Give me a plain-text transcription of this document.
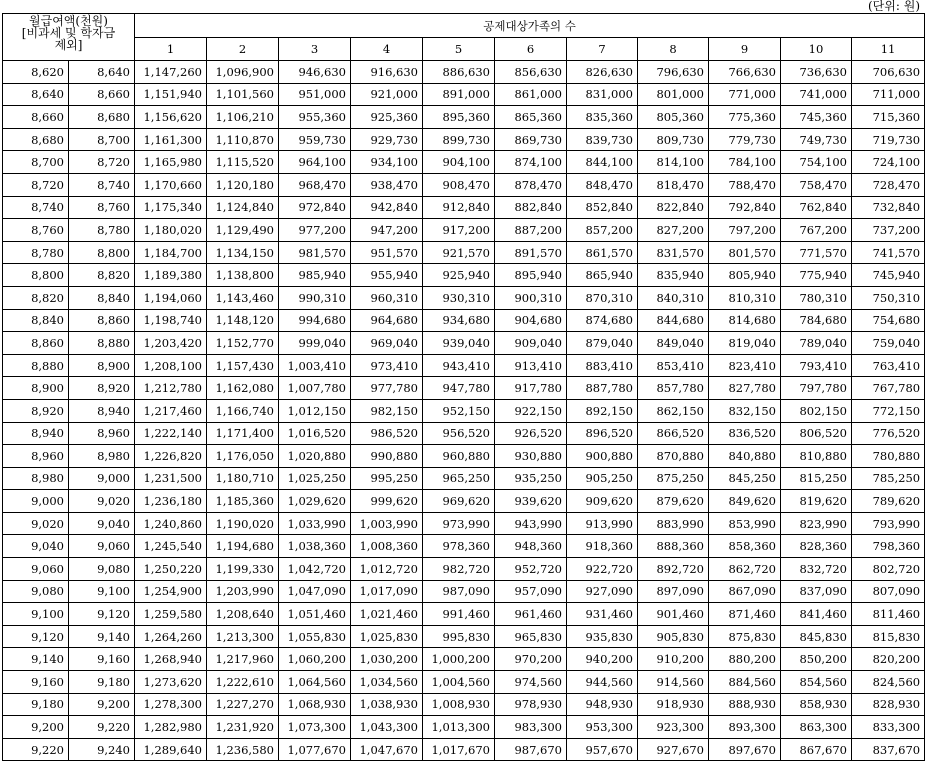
(단위: 원)
월급여액(천원)
[비과세 및 학자금
제외]		공제대상가족의 수										
		1	2	3	4	5	6	7	8	9	10	11
8,620	8,640	1,147,260	1,096,900	946,630	916,630	886,630	856,630	826,630	796,630	766,630	736,630	706,630
8,640	8,660	1,151,940	1,101,560	951,000	921,000	891,000	861,000	831,000	801,000	771,000	741,000	711,000
8,660	8,680	1,156,620	1,106,210	955,360	925,360	895,360	865,360	835,360	805,360	775,360	745,360	715,360
8,680	8,700	1,161,300	1,110,870	959,730	929,730	899,730	869,730	839,730	809,730	779,730	749,730	719,730
8,700	8,720	1,165,980	1,115,520	964,100	934,100	904,100	874,100	844,100	814,100	784,100	754,100	724,100
8,720	8,740	1,170,660	1,120,180	968,470	938,470	908,470	878,470	848,470	818,470	788,470	758,470	728,470
8,740	8,760	1,175,340	1,124,840	972,840	942,840	912,840	882,840	852,840	822,840	792,840	762,840	732,840
8,760	8,780	1,180,020	1,129,490	977,200	947,200	917,200	887,200	857,200	827,200	797,200	767,200	737,200
8,780	8,800	1,184,700	1,134,150	981,570	951,570	921,570	891,570	861,570	831,570	801,570	771,570	741,570
8,800	8,820	1,189,380	1,138,800	985,940	955,940	925,940	895,940	865,940	835,940	805,940	775,940	745,940
8,820	8,840	1,194,060	1,143,460	990,310	960,310	930,310	900,310	870,310	840,310	810,310	780,310	750,310
8,840	8,860	1,198,740	1,148,120	994,680	964,680	934,680	904,680	874,680	844,680	814,680	784,680	754,680
8,860	8,880	1,203,420	1,152,770	999,040	969,040	939,040	909,040	879,040	849,040	819,040	789,040	759,040
8,880	8,900	1,208,100	1,157,430	1,003,410	973,410	943,410	913,410	883,410	853,410	823,410	793,410	763,410
8,900	8,920	1,212,780	1,162,080	1,007,780	977,780	947,780	917,780	887,780	857,780	827,780	797,780	767,780
8,920	8,940	1,217,460	1,166,740	1,012,150	982,150	952,150	922,150	892,150	862,150	832,150	802,150	772,150
8,940	8,960	1,222,140	1,171,400	1,016,520	986,520	956,520	926,520	896,520	866,520	836,520	806,520	776,520
8,960	8,980	1,226,820	1,176,050	1,020,880	990,880	960,880	930,880	900,880	870,880	840,880	810,880	780,880
8,980	9,000	1,231,500	1,180,710	1,025,250	995,250	965,250	935,250	905,250	875,250	845,250	815,250	785,250
9,000	9,020	1,236,180	1,185,360	1,029,620	999,620	969,620	939,620	909,620	879,620	849,620	819,620	789,620
9,020	9,040	1,240,860	1,190,020	1,033,990	1,003,990	973,990	943,990	913,990	883,990	853,990	823,990	793,990
9,040	9,060	1,245,540	1,194,680	1,038,360	1,008,360	978,360	948,360	918,360	888,360	858,360	828,360	798,360
9,060	9,080	1,250,220	1,199,330	1,042,720	1,012,720	982,720	952,720	922,720	892,720	862,720	832,720	802,720
9,080	9,100	1,254,900	1,203,990	1,047,090	1,017,090	987,090	957,090	927,090	897,090	867,090	837,090	807,090
9,100	9,120	1,259,580	1,208,640	1,051,460	1,021,460	991,460	961,460	931,460	901,460	871,460	841,460	811,460
9,120	9,140	1,264,260	1,213,300	1,055,830	1,025,830	995,830	965,830	935,830	905,830	875,830	845,830	815,830
9,140	9,160	1,268,940	1,217,960	1,060,200	1,030,200	1,000,200	970,200	940,200	910,200	880,200	850,200	820,200
9,160	9,180	1,273,620	1,222,610	1,064,560	1,034,560	1,004,560	974,560	944,560	914,560	884,560	854,560	824,560
9,180	9,200	1,278,300	1,227,270	1,068,930	1,038,930	1,008,930	978,930	948,930	918,930	888,930	858,930	828,930
9,200	9,220	1,282,980	1,231,920	1,073,300	1,043,300	1,013,300	983,300	953,300	923,300	893,300	863,300	833,300
9,220	9,240	1,289,640	1,236,580	1,077,670	1,047,670	1,017,670	987,670	957,670	927,670	897,670	867,670	837,670
